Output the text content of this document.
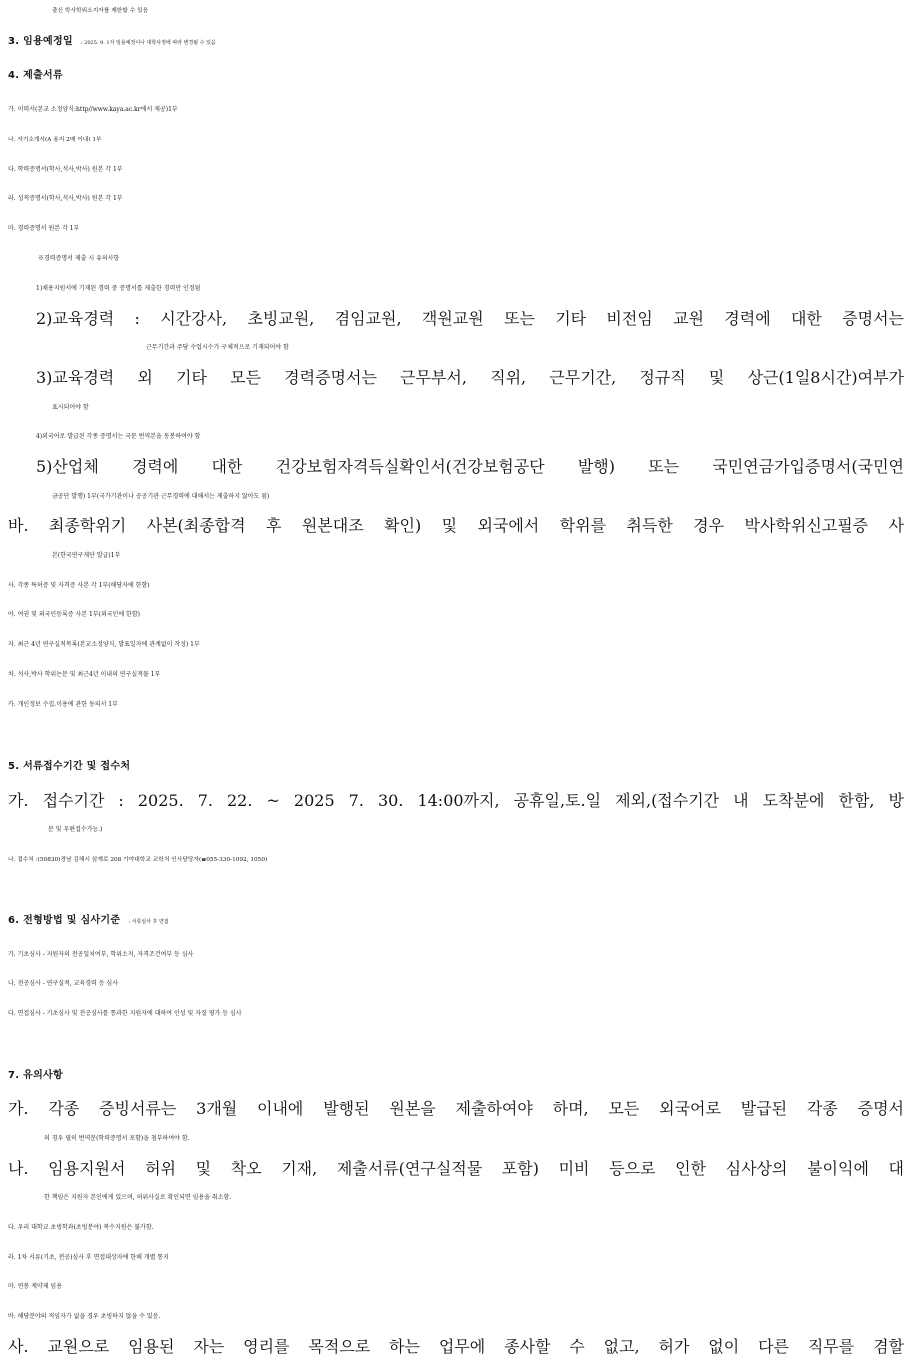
출신 학사학위소지자를 제한할 수 있음
3. 임용예정일 : 2025. 9. 1자 임용예정이나 대학사정에 따라 변경될 수 있음
4. 제출서류
가. 이력서(본교 소정양식:http//www.kaya.ac.kr에서 제공)1부
나. 자기소개서(A 용지 2매 이내) 1부
다. 학력증명서(학사,석사,박사) 원본 각 1부
라. 성적증명서(학사,석사,박사) 원본 각 1부
마. 경력증명서 원본 각 1부
※경력증명서 제출 시 유의사항
1)채용지원서에 기재된 경력 중 증명서를 제출한 경력만 인정됨
2)교육경력 : 시간강사, 초빙교원, 겸임교원, 객원교원 또는 기타 비전임 교원 경력에 대한 증명서는
근무기간과 주당 수업시수가 구체적으로 기재되어야 함
3)교육경력 외 기타 모든 경력증명서는 근무부서, 직위, 근무기간, 정규직 및 상근(1일8시간)여부가
표시되어야 함
4)외국어로 발급된 각종 증명서는 국문 번역본을 동봉하여야 함
5)산업체 경력에 대한 건강보험자격득실확인서(건강보험공단 발행) 또는 국민연금가입증명서(국민연
금공단 발행) 1부(국가기관이나 공공기관 근무경력에 대해서는 제출하지 않아도 됨)
바. 최종학위기 사본(최종합격 후 원본대조 확인) 및 외국에서 학위를 취득한 경우 박사학위신고필증 사
본(한국연구재단 발급)1부
사. 각종 특허증 및 자격증 사본 각 1부(해당자에 한함)
아. 여권 및 외국인등록증 사본 1부(외국인에 한함)
자. 최근 4년 연구실적목록(본교소정양식, 발표일자에 관계없이 작성) 1부
차. 석사,박사 학위논문 및 최근4년 이내의 연구실적물 1부
카. 개인정보 수집.이용에 관한 동의서 1부
5. 서류접수기간 및 접수처
가. 접수기간 : 2025. 7. 22. ~ 2025 7. 30. 14:00까지, 공휴일,토.일 제외,(접수기간 내 도착분에 한함, 방
문 및 우편접수가능.)
나. 접수처 :(50830)경남 김해시 삼계로 208 가야대학교 교학처 인사담당자(☎055-330-1092, 1050)
6. 전형방법 및 심사기준 : 서류심사 후 면접
가. 기초심사 - 지원자의 전공일치여부, 학위소지, 자격조건여부 등 심사
나. 전공심사 - 연구실적, 교육경력 등 심사
다. 면접심사 - 기초심사 및 전공심사를 통과한 지원자에 대하여 인성 및 자질 평가 등 심사
7. 유의사항
가. 각종 증빙서류는 3개월 이내에 발행된 원본을 제출하여야 하며, 모든 외국어로 발급된 각종 증명서
의 경우 필히 번역문(학력증명서 포함)을 첨부하여야 함.
나. 임용지원서 허위 및 착오 기재, 제출서류(연구실적물 포함) 미비 등으로 인한 심사상의 불이익에 대
한 책임은 지원자 본인에게 있으며, 허위사실로 확인되면 임용을 취소함.
다. 우리 대학교 초빙학과(초빙분야) 복수지원은 불가함.
라. 1차 서류(기초, 전공)심사 후 면접대상자에 한해 개별 통지
마. 연봉 계약제 임용
바. 해당분야의 적임자가 없을 경우 초빙하지 않을 수 있음.
사. 교원으로 임용된 자는 영리를 목적으로 하는 업무에 종사할 수 없고, 허가 없이 다른 직무를 겸할
